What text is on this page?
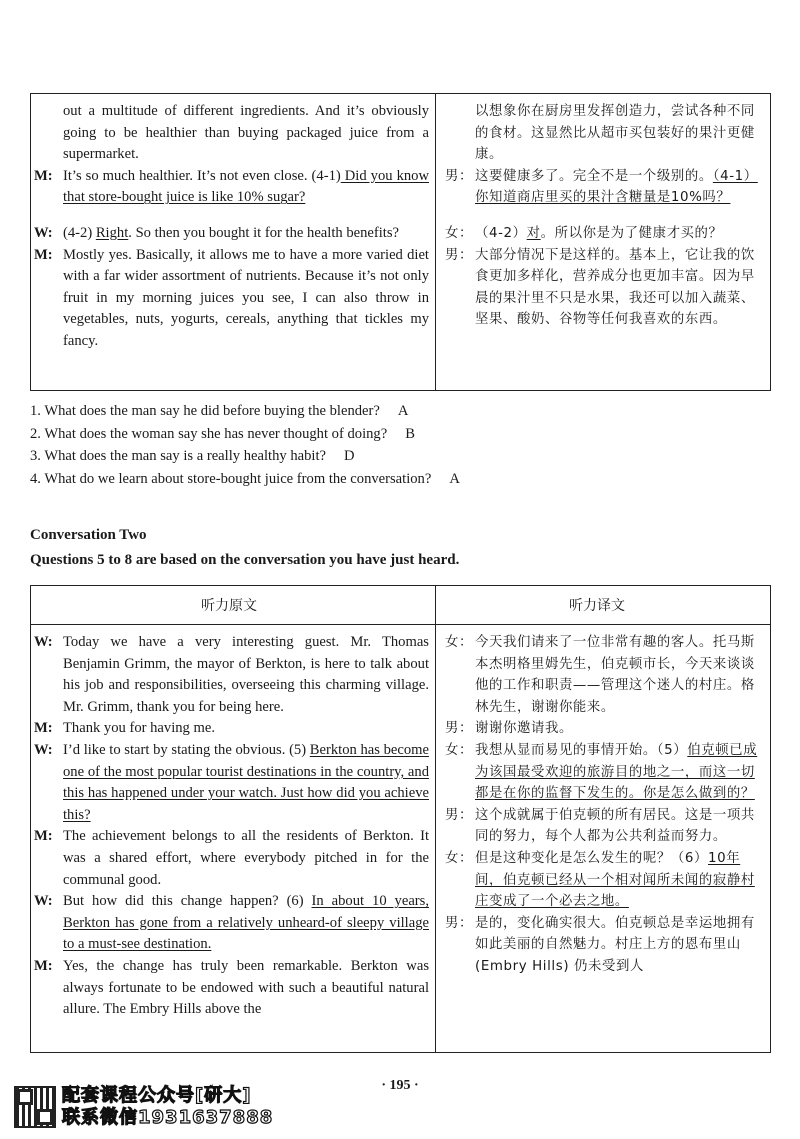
out a multitude of different ingredients. And it’s obviously going to be healthier than buying packaged juice from a supermarket.
M: It’s so much healthier. It’s not even close. (4-1) Did you know that store-bought juice is like 10% sugar?
W: (4-2) Right. So then you bought it for the health benefits?
M: Mostly yes. Basically, it allows me to have a more varied diet with a far wider assortment of nutrients. Because it’s not only fruit in my morning juices you see, I can also throw in vegetables, nuts, yogurts, cereals, anything that tickles my fancy.
以想象你在厨房里发挥创造力，尝试各种不同的食材。这显然比从超市买包装好的果汁更健康。
男： 这要健康多了。完全不是一个级别的。（4-1）你知道商店里买的果汁含糖量是10%吗？
女： （4-2）对。所以你是为了健康才买的？
男： 大部分情况下是这样的。基本上，它让我的饮食更加多样化，营养成分也更加丰富。因为早晨的果汁里不只是水果，我还可以加入蔬菜、坚果、酸奶、谷物等任何我喜欢的东西。
1. What does the man say he did before buying the blender? A
2. What does the woman say she has never thought of doing? B
3. What does the man say is a really healthy habit? D
4. What do we learn about store-bought juice from the conversation? A
Conversation Two
Questions 5 to 8 are based on the conversation you have just heard.
听力原文	听力译文
W: Today we have a very interesting guest. Mr. Thomas Benjamin Grimm, the mayor of Berkton, is here to talk about his job and responsibilities, overseeing this charming village. Mr. Grimm, thank you for being here.
M: Thank you for having me.
W: I’d like to start by stating the obvious. (5) Berkton has become one of the most popular tourist destinations in the country, and this has happened under your watch. Just how did you achieve this?
M: The achievement belongs to all the residents of Berkton. It was a shared effort, where everybody pitched in for the communal good.
W: But how did this change happen? (6) In about 10 years, Berkton has gone from a relatively unheard-of sleepy village to a must-see destination.
M: Yes, the change has truly been remarkable. Berkton was always fortunate to be endowed with such a beautiful natural allure. The Embry Hills above the
女： 今天我们请来了一位非常有趣的客人。托马斯本杰明格里姆先生，伯克顿市长，今天来谈谈他的工作和职责——管理这个迷人的村庄。格林先生，谢谢你能来。
男： 谢谢你邀请我。
女： 我想从显而易见的事情开始。（5）伯克顿已成为该国最受欢迎的旅游目的地之一，而这一切都是在你的监督下发生的。你是怎么做到的？
男： 这个成就属于伯克顿的所有居民。这是一项共同的努力，每个人都为公共利益而努力。
女： 但是这种变化是怎么发生的呢？（6）10年间，伯克顿已经从一个相对闻所未闻的寂静村庄变成了一个必去之地。
男： 是的，变化确实很大。伯克顿总是幸运地拥有如此美丽的自然魅力。村庄上方的恩布里山 (Embry Hills) 仍未受到人
· 195 ·
配套课程公众号[研大]
联系微信1931637888
